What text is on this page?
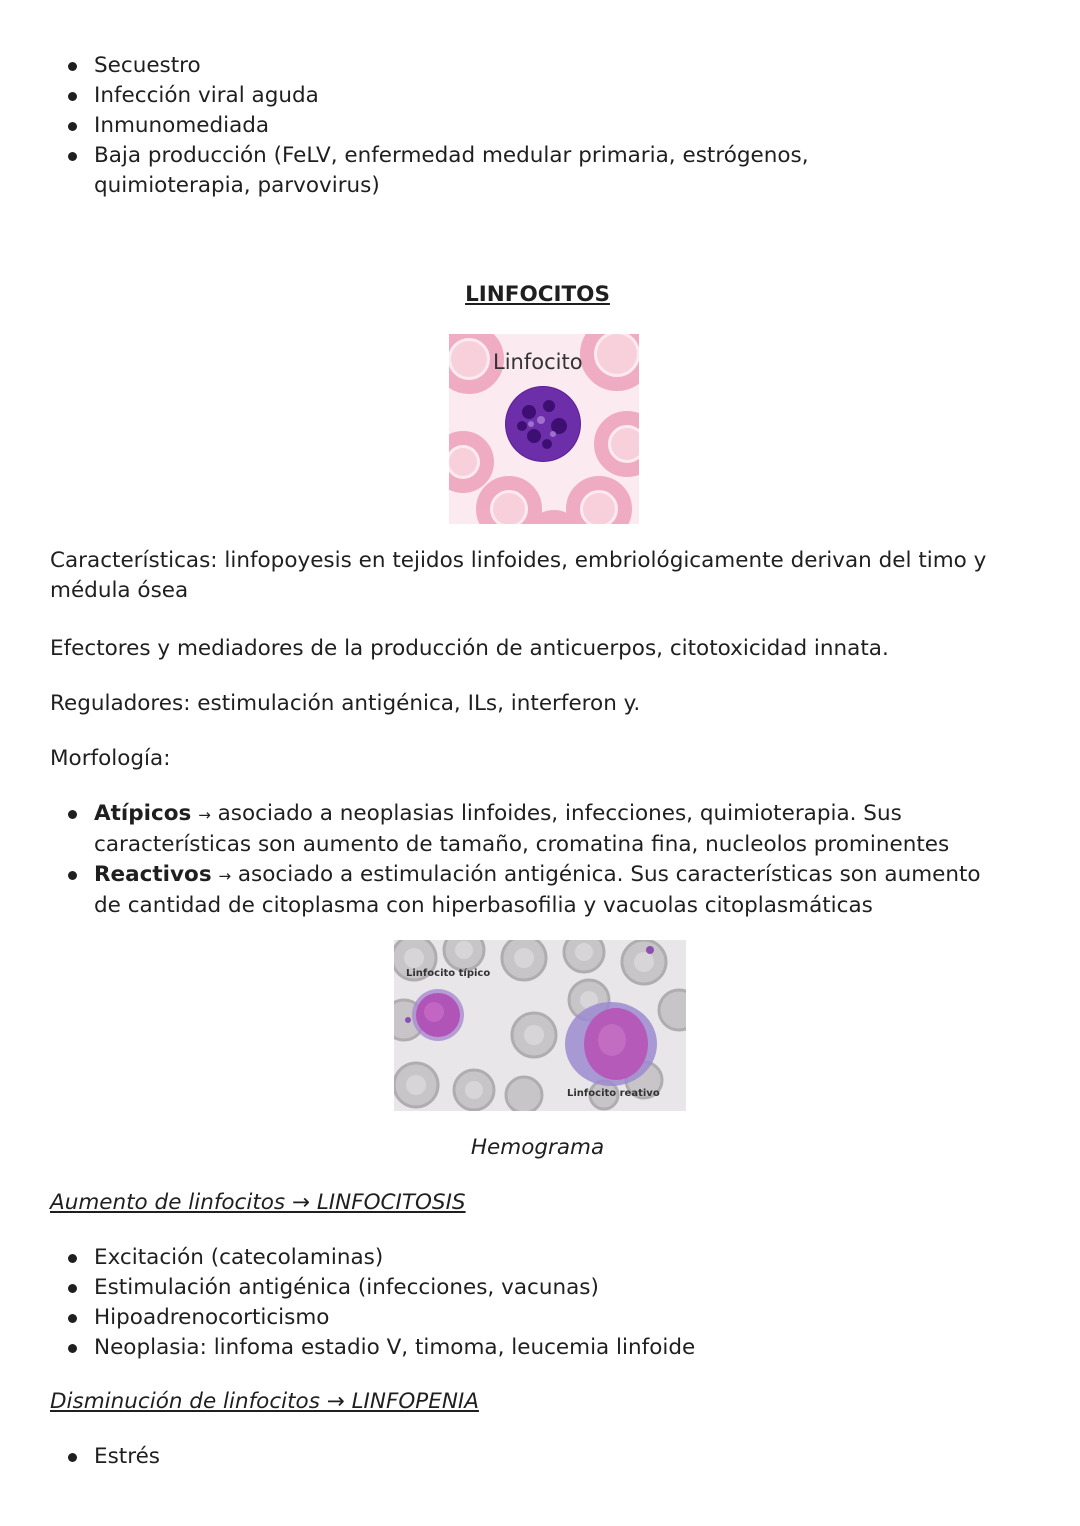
Secuestro
Infección viral aguda
Inmunomediada
Baja producción (FeLV, enfermedad medular primaria, estrógenos, quimioterapia, parvovirus)
LINFOCITOS
Linfocito
Características: linfopoyesis en tejidos linfoides, embriológicamente derivan del timo y médula ósea
Efectores y mediadores de la producción de anticuerpos, citotoxicidad innata.
Reguladores: estimulación antigénica, ILs, interferon y.
Morfología:
Atípicos → asociado a neoplasias linfoides, infecciones, quimioterapia. Sus características son aumento de tamaño, cromatina fina, nucleolos prominentes
Reactivos → asociado a estimulación antigénica. Sus características son aumento de cantidad de citoplasma con hiperbasofilia y vacuolas citoplasmáticas
Linfocito típico
Linfocito reativo
Hemograma
Aumento de linfocitos → LINFOCITOSIS
Excitación (catecolaminas)
Estimulación antigénica (infecciones, vacunas)
Hipoadrenocorticismo
Neoplasia: linfoma estadio V, timoma, leucemia linfoide
Disminución de linfocitos → LINFOPENIA
Estrés
